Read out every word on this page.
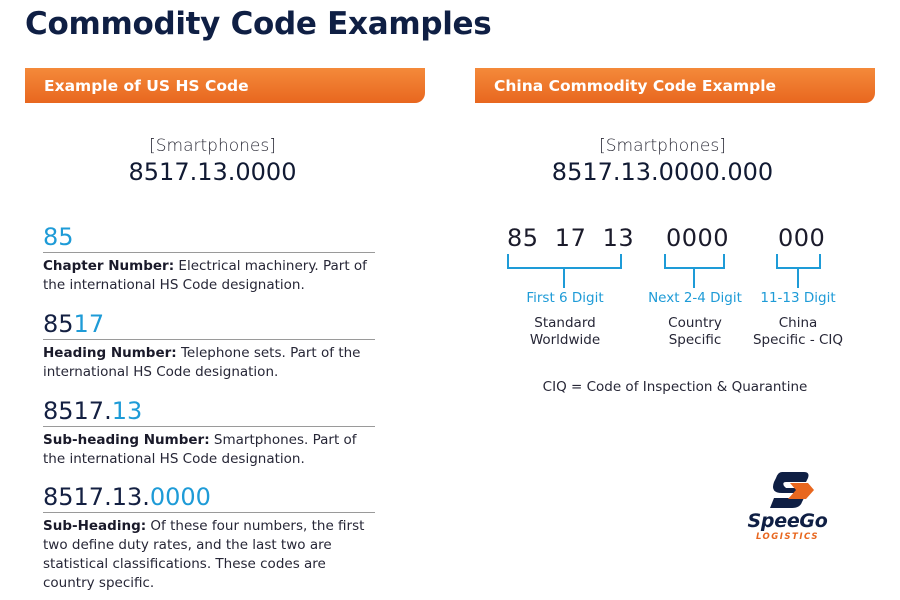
Commodity Code Examples
Example of US HS Code	China Commodity Code Example
[Smartphones]
8517.13.0000
[Smartphones]
8517.13.0000.000
85
Chapter Number: Electrical machinery. Part of the international HS Code designation.
8517
Heading Number: Telephone sets. Part of the international HS Code designation.
8517.13
Sub-heading Number: Smartphones. Part of the international HS Code designation.
8517.13.0000
Sub-Heading: Of these four numbers, the first two define duty rates, and the last two are statistical classifications. These codes are country specific.
85  17  13 0000 000
First 6 Digit	Next 2-4 Digit	11-13 Digit
Standard
Worldwide
Country
Specific
China
Specific - CIQ
CIQ = Code of Inspection & Quarantine
SpeeGo
LOGISTICS
